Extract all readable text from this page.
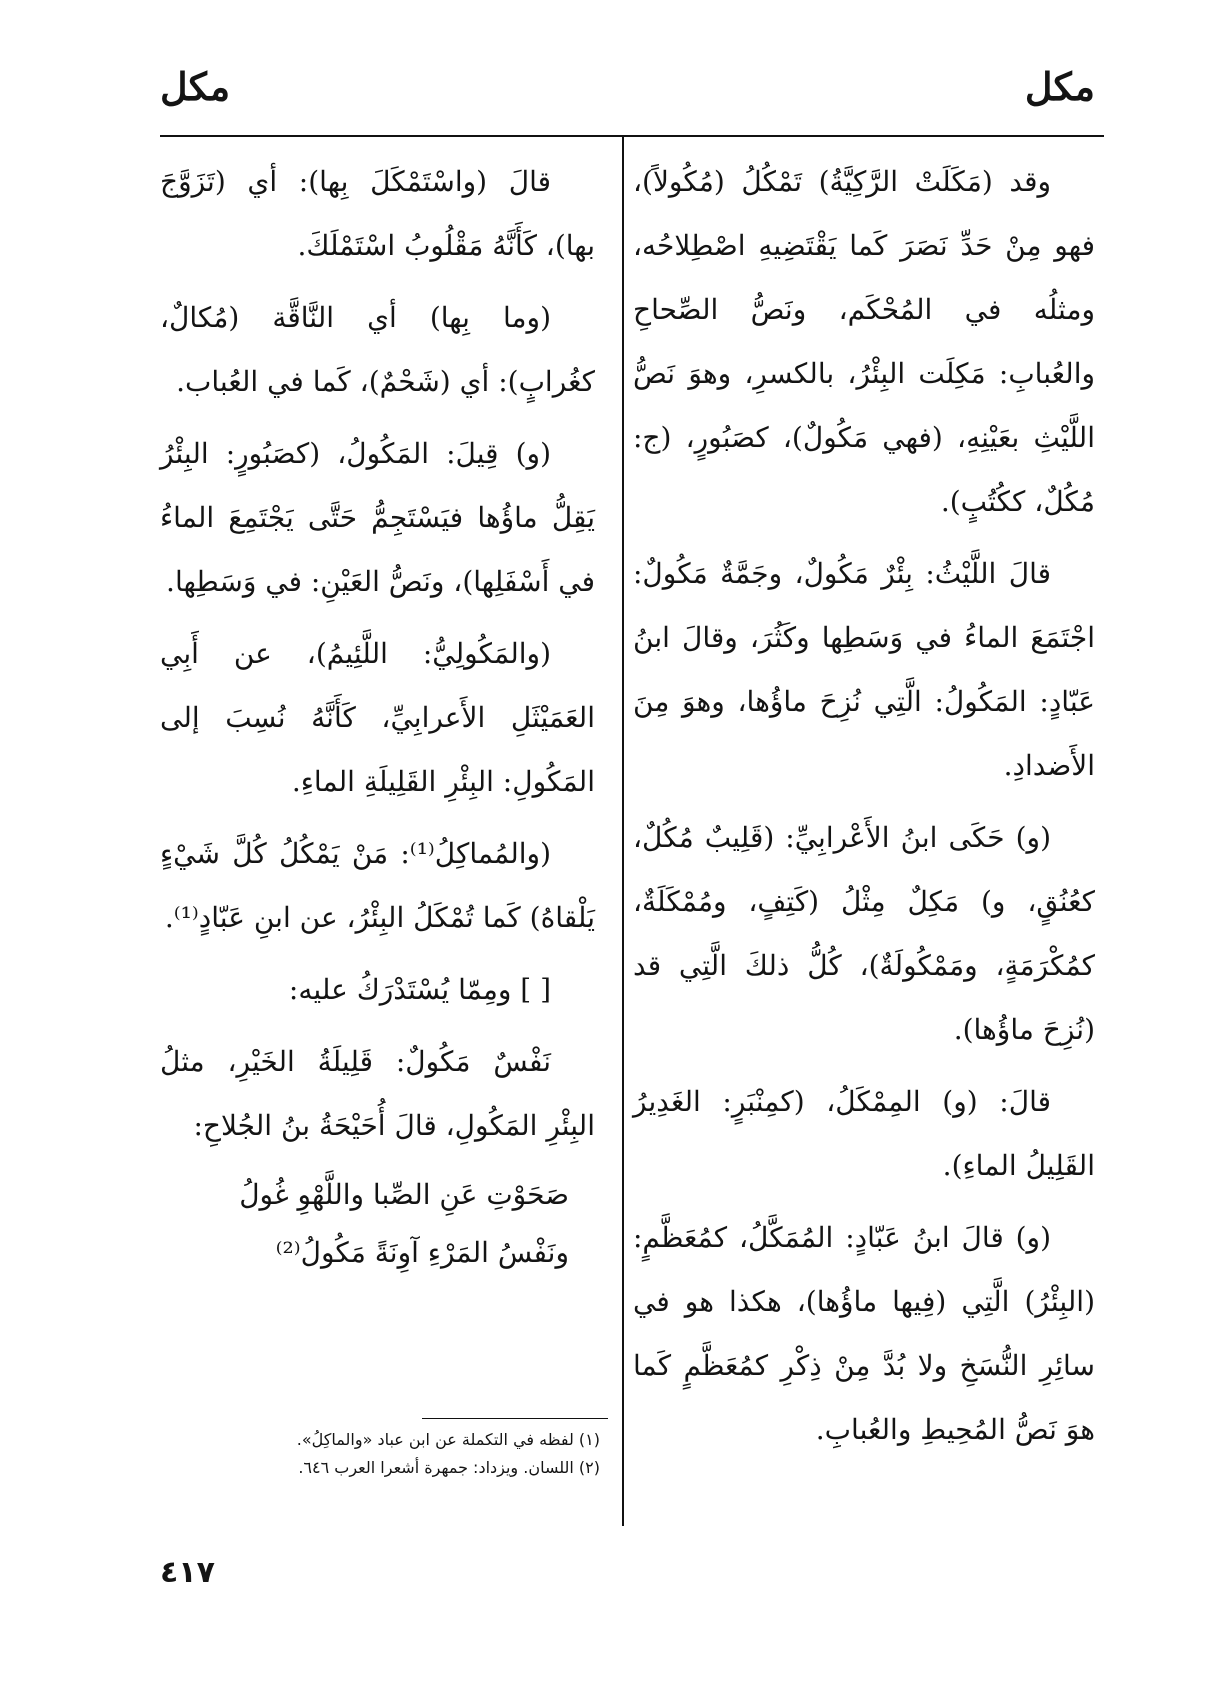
مكل
مكل

وقد (مَكَلَتْ الرَّكِيَّةُ) تَمْكُلُ (مُكُولاً)، فهو مِنْ حَدِّ نَصَرَ كَما يَقْتَضِيهِ اصْطِلاحُه، ومثلُه في المُحْكَم، ونَصُّ الصِّحاحِ والعُبابِ: مَكِلَت البِئْرُ، بالكسرِ، وهوَ نَصُّ اللَّيْثِ بعَيْنِهِ، (فهي مَكُولٌ)، كصَبُورٍ، (ج: مُكُلٌ، ككُتُبٍ).

قالَ اللَّيْثُ: بِئْرٌ مَكُولٌ، وجَمَّةٌ مَكُولٌ: اجْتَمَعَ الماءُ في وَسَطِها وكَثُرَ، وقالَ ابنُ عَبّادٍ: المَكُولُ: الَّتِي نُزِحَ ماؤُها، وهوَ مِنَ الأَضدادِ.

(و) حَكَى ابنُ الأَعْرابِيِّ: (قَلِيبٌ مُكُلٌ، كعُنُقٍ، و) مَكِلٌ مِثْلُ (كَتِفٍ، ومُمْكَلَةٌ، كمُكْرَمَةٍ، ومَمْكُولَةٌ)، كُلُّ ذلكَ الَّتِي قد (نُزِحَ ماؤُها).

قالَ: (و) المِمْكَلُ، (كمِنْبَرٍ: الغَدِيرُ القَلِيلُ الماءِ).

(و) قالَ ابنُ عَبّادٍ: المُمَكَّلُ، كمُعَظَّمٍ: (البِئْرُ) الَّتِي (فِيها ماؤُها)، هكذا هو في سائِرِ النُّسَخِ ولا بُدَّ مِنْ ذِكْرِ كمُعَظَّمٍ كَما هوَ نَصُّ المُحِيطِ والعُبابِ.

قالَ (واسْتَمْكَلَ بِها): أي (تَزَوَّجَ بها)، كَأَنَّهُ مَقْلُوبُ اسْتَمْلَكَ.

(وما بِها) أي النَّاقَّة (مُكالٌ، كغُرابٍ): أي (شَحْمٌ)، كَما في العُباب.

(و) قِيلَ: المَكُولُ، (كصَبُورٍ: البِئْرُ يَقِلُّ ماؤُها فيَسْتَجِمُّ حَتَّى يَجْتَمِعَ الماءُ في أَسْفَلِها)، ونَصُّ العَيْنِ: في وَسَطِها.

(والمَكُولِيُّ: اللَّئِيمُ)، عن أَبِي العَمَيْثَلِ الأَعرابِيِّ، كَأَنَّهُ نُسِبَ إلى المَكُولِ: البِئْرِ القَلِيلَةِ الماءِ.

(والمُماكِلُ⁽¹⁾: مَنْ يَمْكُلُ كُلَّ شَيْءٍ يَلْقاهُ) كَما تُمْكَلُ البِئْرُ، عن ابنِ عَبّادٍ⁽¹⁾.

[ ] ومِمّا يُسْتَدْرَكُ عليه:

نَفْسٌ مَكُولٌ: قَلِيلَةُ الخَيْرِ، مثلُ البِئْرِ المَكُولِ، قالَ أُحَيْحَةُ بنُ الجُلاحِ:

صَحَوْتِ عَنِ الصِّبا واللَّهْوِ غُولُ
ونَفْسُ المَرْءِ آوِنَةً مَكُولُ⁽²⁾
(١) لفظه في التكملة عن ابن عباد «والماكِلُ».
(٢) اللسان. ويزداد: جمهرة أشعرا العرب ٦٤٦.
٤١٧
